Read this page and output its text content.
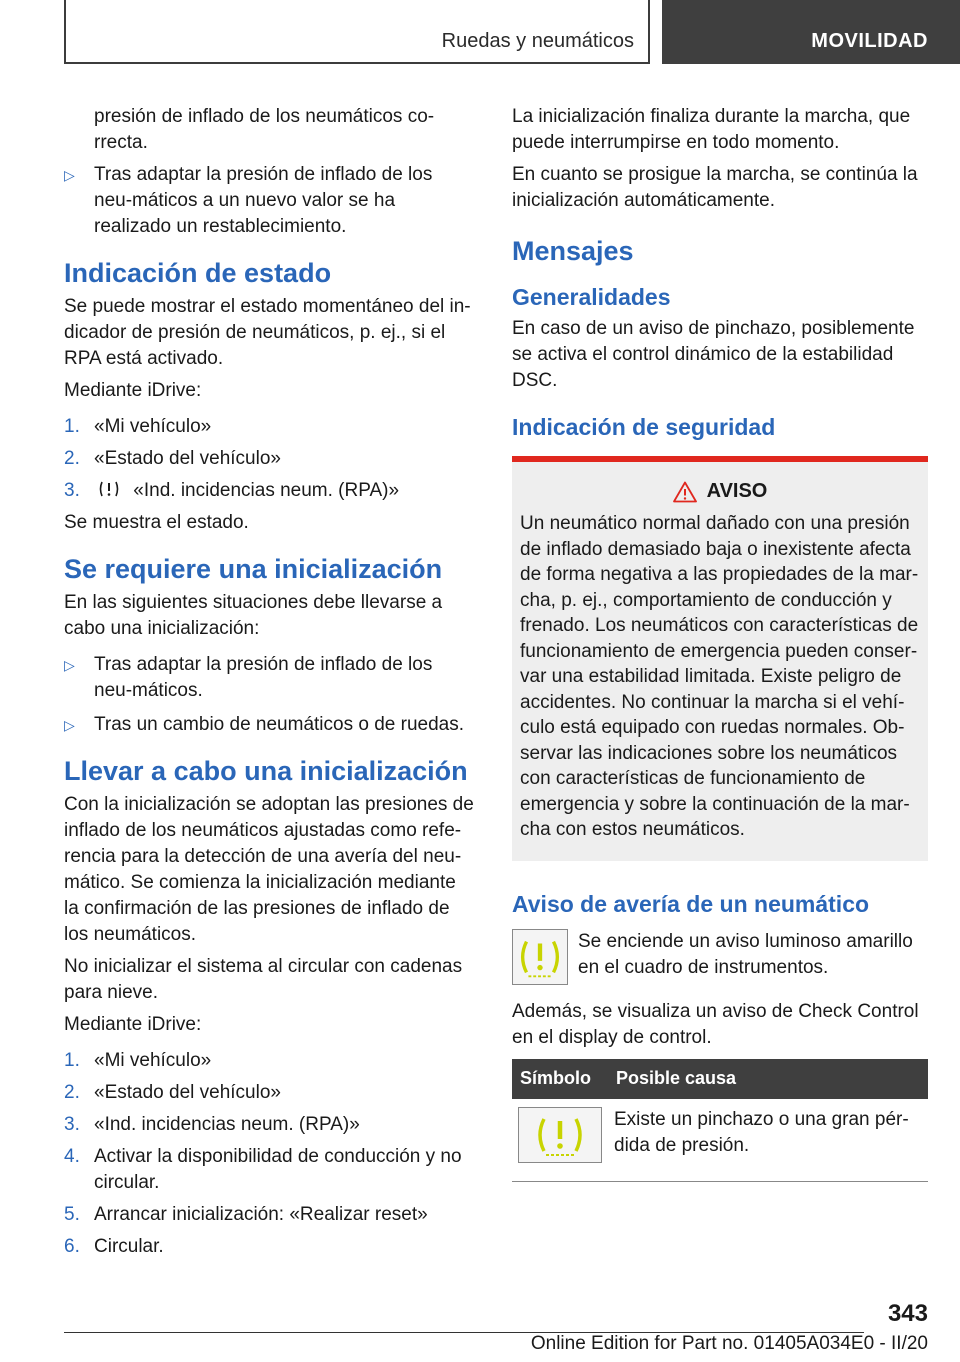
Ruedas y neumáticos	MOVILIDAD
presión de inflado de los neumáticos co‐rrecta.
▷ Tras adaptar la presión de inflado de los neu‐máticos a un nuevo valor se ha realizado un restablecimiento.
Indicación de estado
Se puede mostrar el estado momentáneo del in‐dicador de presión de neumáticos, p. ej., si el RPA está activado.
Mediante iDrive:
1. «Mi vehículo»
2. «Estado del vehículo»
3.	«Ind. incidencias neum. (RPA)»
Se muestra el estado.
Se requiere una inicialización
En las siguientes situaciones debe llevarse a cabo una inicialización:
▷ Tras adaptar la presión de inflado de los neu‐máticos.
▷ Tras un cambio de neumáticos o de ruedas.
Llevar a cabo una inicialización
Con la inicialización se adoptan las presiones de inflado de los neumáticos ajustadas como refe‐rencia para la detección de una avería del neu‐mático. Se comienza la inicialización mediante la confirmación de las presiones de inflado de los neumáticos.
No inicializar el sistema al circular con cadenas para nieve.
Mediante iDrive:
1. «Mi vehículo»
2. «Estado del vehículo»
3. «Ind. incidencias neum. (RPA)»
4. Activar la disponibilidad de conducción y no circular.
5. Arrancar inicialización: «Realizar reset»
6. Circular.
La inicialización finaliza durante la marcha, que puede interrumpirse en todo momento.
En cuanto se prosigue la marcha, se continúa la inicialización automáticamente.
Mensajes
Generalidades
En caso de un aviso de pinchazo, posiblemente se activa el control dinámico de la estabilidad DSC.
Indicación de seguridad
AVISO
Un neumático normal dañado con una presión de inflado demasiado baja o inexistente afecta de forma negativa a las propiedades de la mar‐cha, p. ej., comportamiento de conducción y frenado. Los neumáticos con características de funcionamiento de emergencia pueden conser‐var una estabilidad limitada. Existe peligro de accidentes. No continuar la marcha si el vehí‐culo está equipado con ruedas normales. Ob‐servar las indicaciones sobre los neumáticos con características de funcionamiento de emergencia y sobre la continuación de la mar‐cha con estos neumáticos.
Aviso de avería de un neumático
Se enciende un aviso luminoso amarillo en el cuadro de instrumentos.
Además, se visualiza un aviso de Check Control en el display de control.
Símbolo	Posible causa
	Existe un pinchazo o una gran pér‐dida de presión.
343
Online Edition for Part no. 01405A034E0 - II/20
